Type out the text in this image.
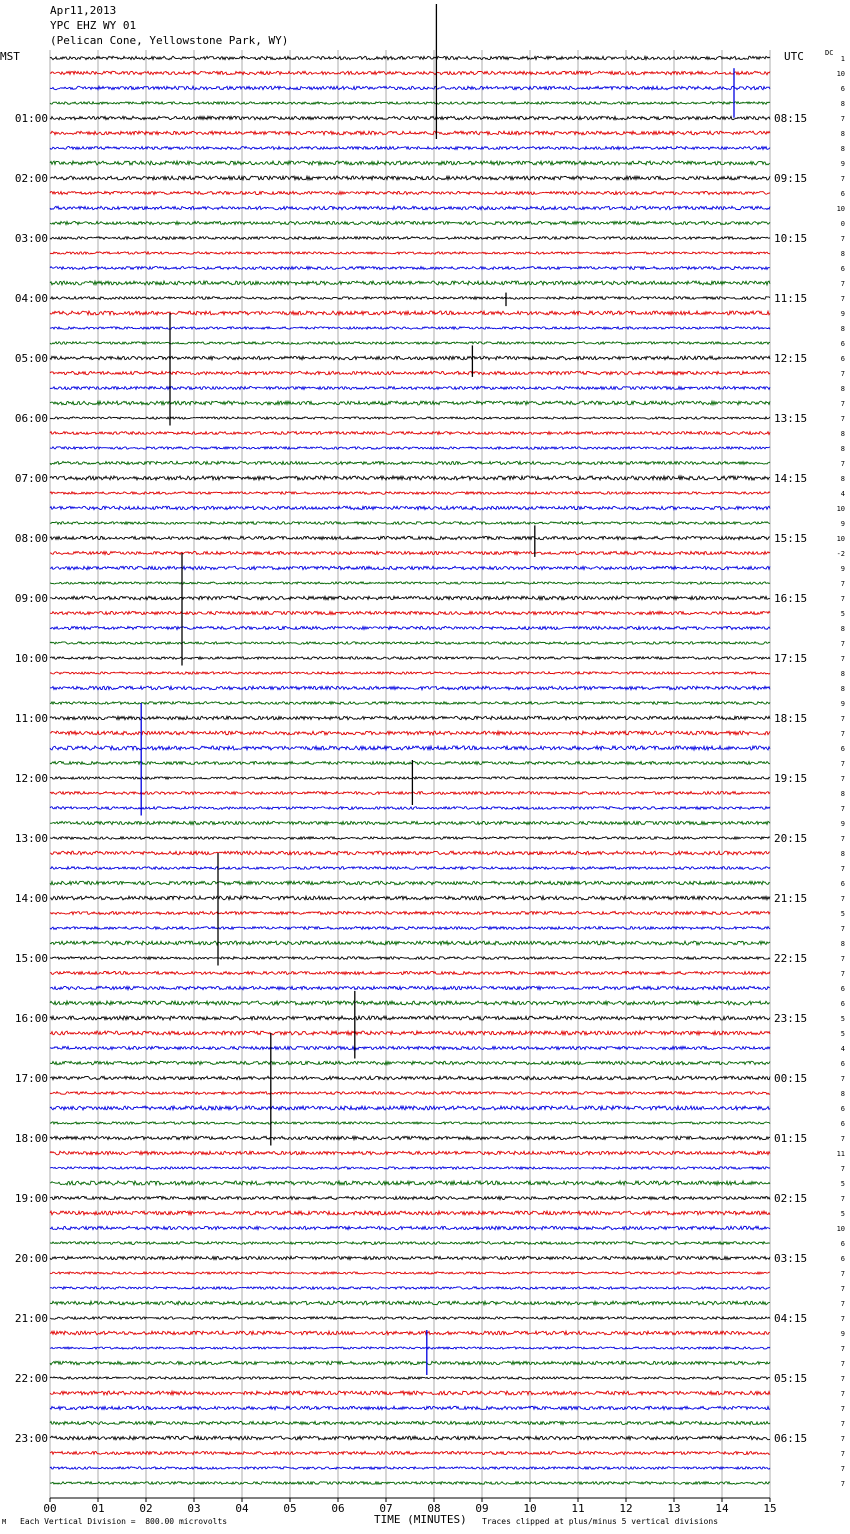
01:00
02:00
03:00
04:00
05:00
06:00
07:00
08:00
09:00
10:00
11:00
12:00
13:00
14:00
15:00
16:00
17:00
18:00
19:00
20:00
21:00
22:00
23:00
08:15
09:15
10:15
11:15
12:15
13:15
14:15
15:15
16:15
17:15
18:15
19:15
20:15
21:15
22:15
23:15
00:15
01:15
02:15
03:15
04:15
05:15
06:15
1
10
6
8
7
8
8
9
7
6
10
0
7
8
6
7
7
9
8
6
6
7
8
7
7
8
8
7
8
4
10
9
10
-2
9
7
7
5
8
7
7
8
8
9
7
7
6
7
7
8
7
9
7
8
7
6
7
5
7
8
7
7
6
6
5
5
4
6
7
8
6
6
7
11
7
5
7
5
10
6
6
7
7
7
7
9
7
7
7
7
7
7
7
7
7
7
00	01	02	03	04	05	06	07	08	09	10	11	12	13	14	15
Apr11,2013
YPC EHZ WY 01
(Pelican Cone, Yellowstone Park, WY)
MST	UTC	DC
M Each Vertical Division =  800.00 microvolts	TIME (MINUTES) Traces clipped at plus/minus 5 vertical divisions
